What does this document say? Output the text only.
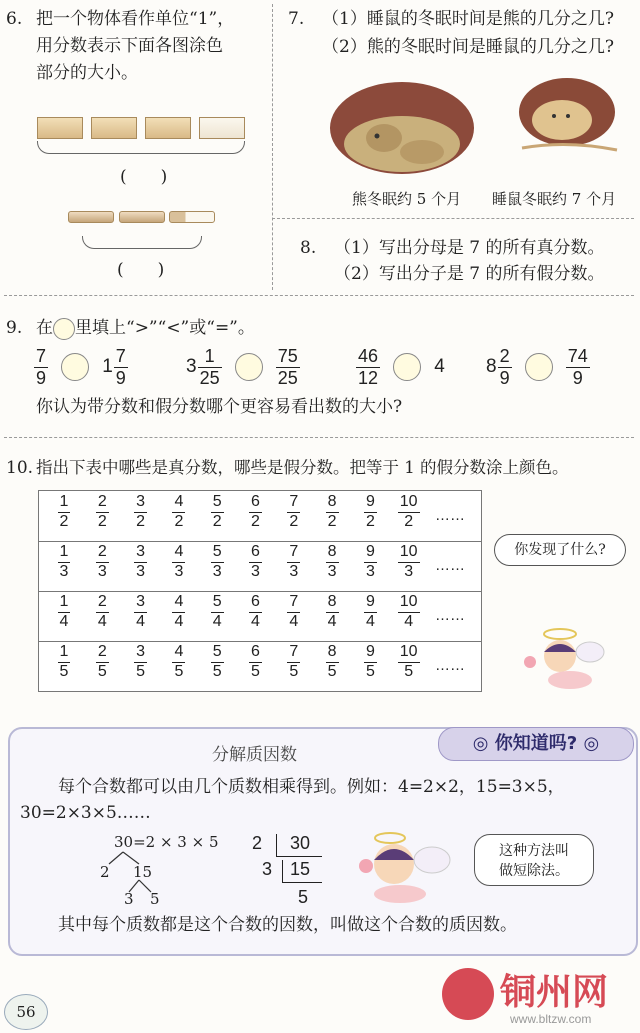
6. 把一个物体看作单位“1”，
用分数表示下面各图涂色
部分的大小。
(　　)
(　　)
7. （1）睡鼠的冬眠时间是熊的几分之几?
（2）熊的冬眠时间是睡鼠的几分之几?
熊冬眠约 5 个月 睡鼠冬眠约 7 个月
8. （1）写出分母是 7 的所有真分数。
（2）写出分子是 7 的所有假分数。
9. 在 里填上“>”“<”或“=”。
$\frac{7}{9}$	$1 \frac{7}{9}$	$3 \frac{1}{25}$
	$\frac{75}{25}$	$\frac{46}{12}$	4 $8 \frac{2}{9}$
	$\frac{74}{9}$
你认为带分数和假分数哪个更容易看出数的大小?
10. 指出下表中哪些是真分数，哪些是假分数。把等于 1 的假分数涂上颜色。
$\frac{1}{2} \frac{2}{2} \frac{3}{2} \frac{4}{2} \frac{5}{2} \frac{6}{2} \frac{7}{2} \frac{8}{2} \frac{9}{2} \frac{10}{2}$ ……
$\frac{1}{3} \frac{2}{3} \frac{3}{3} \frac{4}{3} \frac{5}{3} \frac{6}{3} \frac{7}{3} \frac{8}{3} \frac{9}{3} \frac{10}{3}$ ……
$\frac{1}{4} \frac{2}{4} \frac{3}{4} \frac{4}{4} \frac{5}{4} \frac{6}{4} \frac{7}{4} \frac{8}{4} \frac{9}{4} \frac{10}{4}$ ……
$\frac{1}{5} \frac{2}{5} \frac{3}{5} \frac{4}{5} \frac{5}{5} \frac{6}{5} \frac{7}{5} \frac{8}{5} \frac{9}{5} \frac{10}{5}$ ……
你发现了什么?
◎ 你知道吗? ◎
分解质因数
每个合数都可以由几个质数相乘得到。例如：4=2×2，15=3×5，
30=2×3×5……
30=2 × 3 × 5
2 15
3 5
2 30
3 15
5
这种方法叫
做短除法。
其中每个质数都是这个合数的因数，叫做这个合数的质因数。
56	铜州网
www.bltzw.com
